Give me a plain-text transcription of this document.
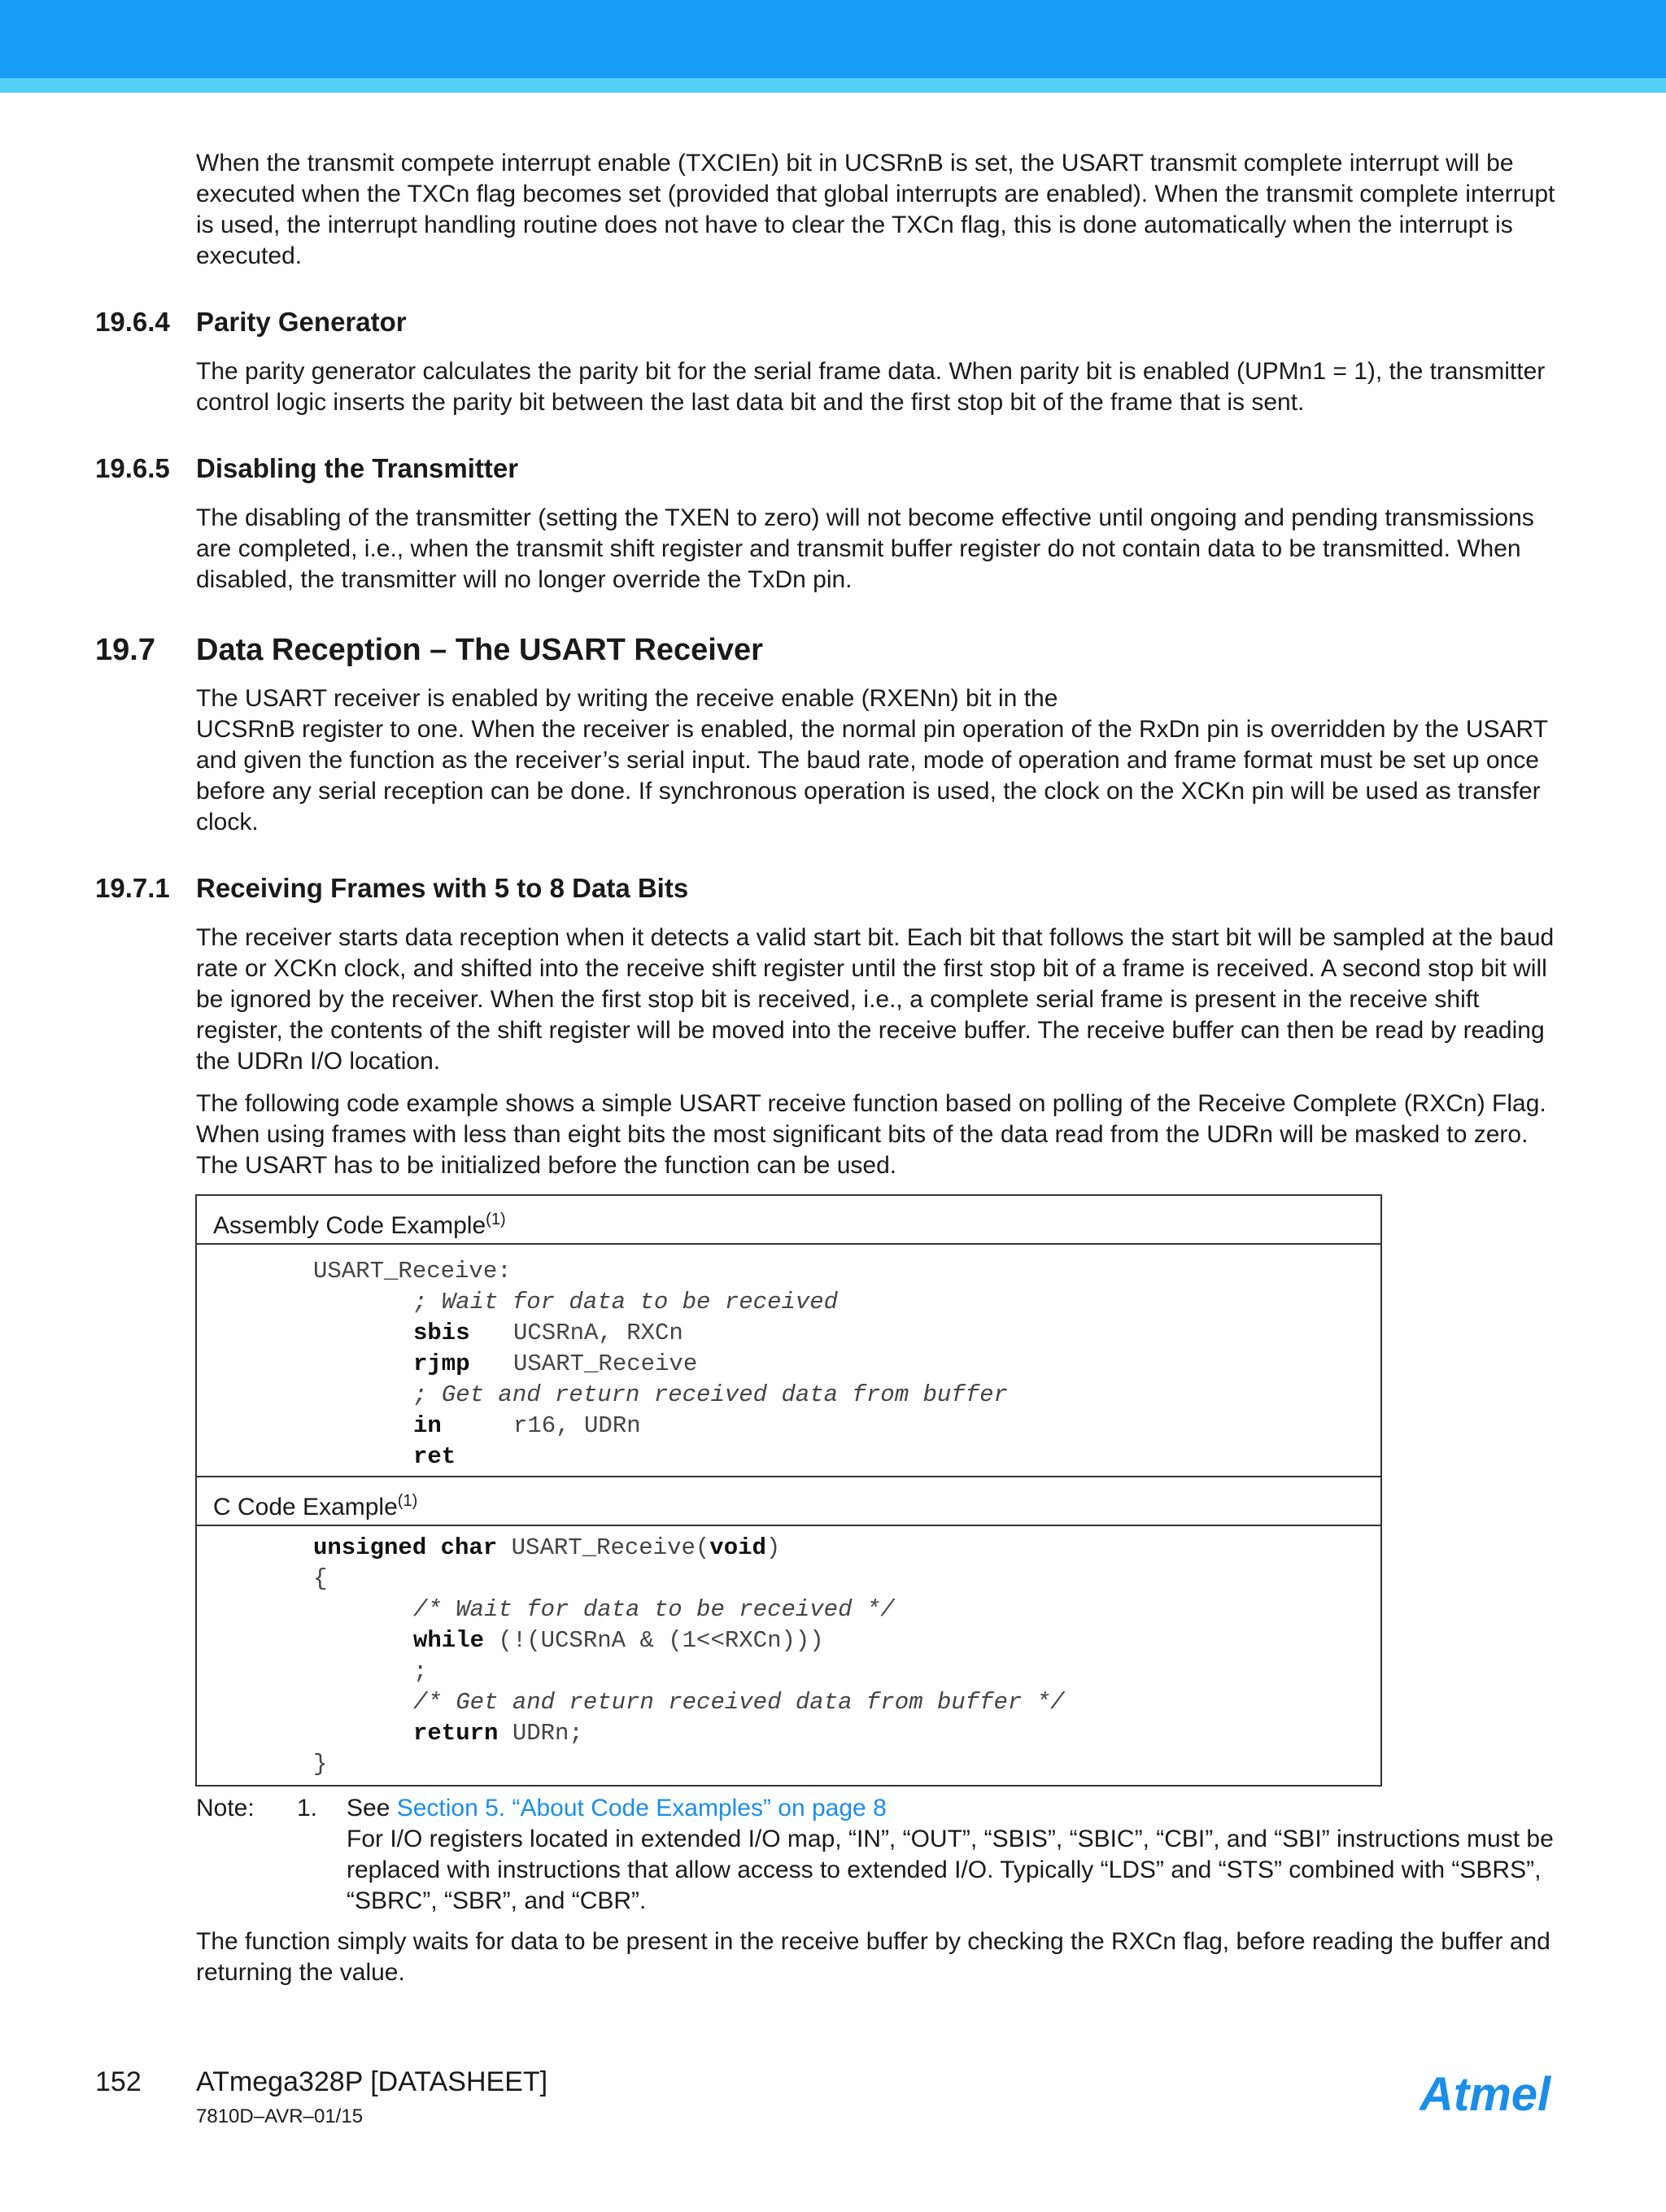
When the transmit compete interrupt enable (TXCIEn) bit in UCSRnB is set, the USART transmit complete interrupt will be executed when the TXCn flag becomes set (provided that global interrupts are enabled). When the transmit complete interrupt is used, the interrupt handling routine does not have to clear the TXCn flag, this is done automatically when the interrupt is executed.

19.6.4 Parity Generator

The parity generator calculates the parity bit for the serial frame data. When parity bit is enabled (UPMn1 = 1), the transmitter control logic inserts the parity bit between the last data bit and the first stop bit of the frame that is sent.

19.6.5 Disabling the Transmitter

The disabling of the transmitter (setting the TXEN to zero) will not become effective until ongoing and pending transmissions are completed, i.e., when the transmit shift register and transmit buffer register do not contain data to be transmitted. When disabled, the transmitter will no longer override the TxDn pin.

19.7 Data Reception – The USART Receiver

The USART receiver is enabled by writing the receive enable (RXENn) bit in the

UCSRnB register to one. When the receiver is enabled, the normal pin operation of the RxDn pin is overridden by the USART and given the function as the receiver’s serial input. The baud rate, mode of operation and frame format must be set up once before any serial reception can be done. If synchronous operation is used, the clock on the XCKn pin will be used as transfer clock.

19.7.1 Receiving Frames with 5 to 8 Data Bits

The receiver starts data reception when it detects a valid start bit. Each bit that follows the start bit will be sampled at the baud rate or XCKn clock, and shifted into the receive shift register until the first stop bit of a frame is received. A second stop bit will be ignored by the receiver. When the first stop bit is received, i.e., a complete serial frame is present in the receive shift register, the contents of the shift register will be moved into the receive buffer. The receive buffer can then be read by reading the UDRn I/O location.

The following code example shows a simple USART receive function based on polling of the Receive Complete (RXCn) Flag. When using frames with less than eight bits the most significant bits of the data read from the UDRn will be masked to zero. The USART has to be initialized before the function can be used.

Assembly Code Example$^{(1)}$
USART_Receive:
; Wait for data to be received
sbis UCSRnA, RXCn
rjmp USART_Receive
; Get and return received data from buffer
in	r16, UDRn
ret
C Code Example$^{(1)}$
unsigned char USART_Receive(void)
{
/* Wait for data to be received */
while (!(UCSRnA & (1<<RXCn)))
;
/* Get and return received data from buffer */
return UDRn;
}
Note: 1. See Section 5. “About Code Examples” on page 8

For I/O registers located in extended I/O map, “IN”, “OUT”, “SBIS”, “SBIC”, “CBI”, and “SBI” instructions must be replaced with instructions that allow access to extended I/O. Typically “LDS” and “STS” combined with “SBRS”, “SBRC”, “SBR”, and “CBR”.

The function simply waits for data to be present in the receive buffer by checking the RXCn flag, before reading the buffer and returning the value.

152 ATmega328P [DATASHEET]
7810D–AVR–01/15	Atmel
